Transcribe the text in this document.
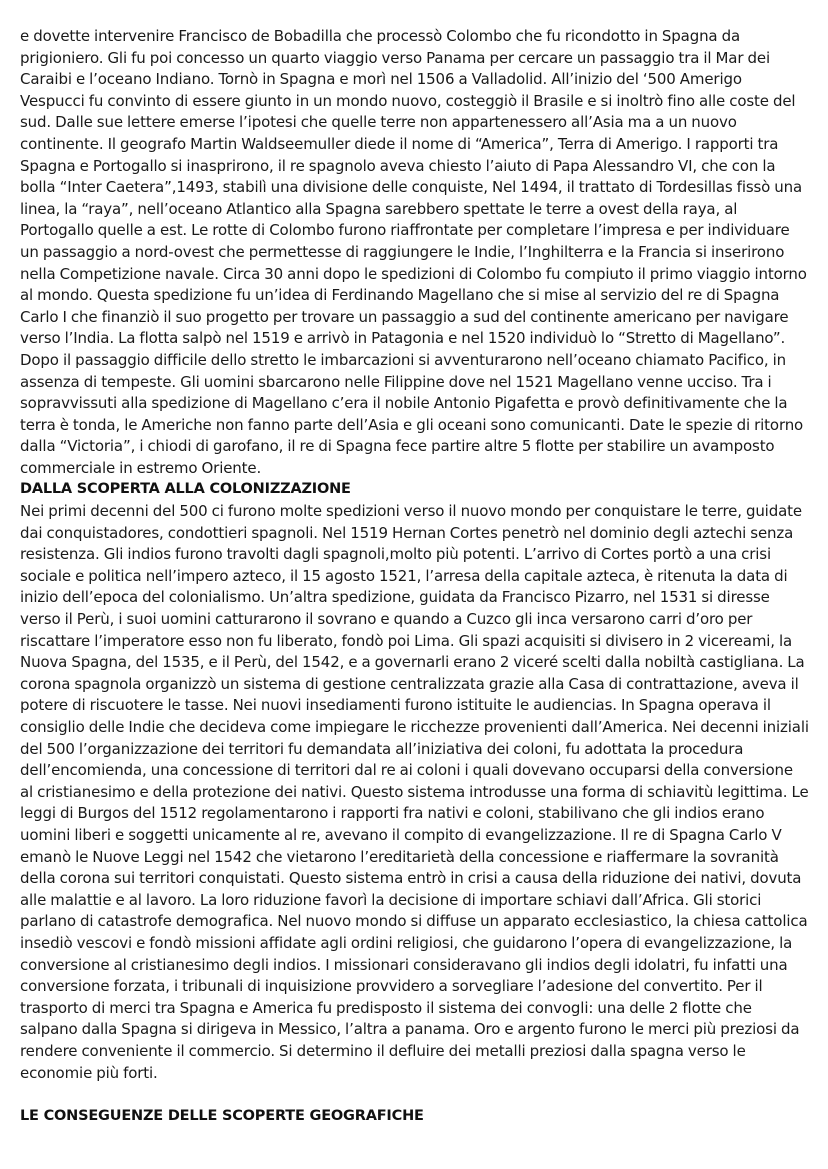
e dovette intervenire Francisco de Bobadilla che processò Colombo che fu ricondotto in Spagna da prigioniero. Gli fu poi concesso un quarto viaggio verso Panama per cercare un passaggio tra il Mar dei Caraibi e l’oceano Indiano. Tornò in Spagna e morì nel 1506 a Valladolid. All’inizio del ‘500 Amerigo Vespucci fu convinto di essere giunto in un mondo nuovo, costeggiò il Brasile e si inoltrò fino alle coste del sud. Dalle sue lettere emerse l’ipotesi che quelle terre non appartenessero all’Asia ma a un nuovo continente. Il geografo Martin Waldseemuller diede il nome di “America”, Terra di Amerigo. I rapporti tra Spagna e Portogallo si inasprirono, il re spagnolo aveva chiesto l’aiuto di Papa Alessandro VI, che con la bolla “Inter Caetera”,1493, stabilì una divisione delle conquiste, Nel 1494, il trattato di Tordesillas fissò una linea, la “raya”, nell’oceano Atlantico alla Spagna sarebbero spettate le terre a ovest della raya, al Portogallo quelle a est. Le rotte di Colombo furono riaffrontate per completare l’impresa e per individuare un passaggio a nord-ovest che permettesse di raggiungere le Indie, l’Inghilterra e la Francia si inserirono nella Competizione navale. Circa 30 anni dopo le spedizioni di Colombo fu compiuto il primo viaggio intorno al mondo. Questa spedizione fu un’idea di Ferdinando Magellano che si mise al servizio del re di Spagna Carlo I che finanziò il suo progetto per trovare un passaggio a sud del continente americano per navigare verso l’India. La flotta salpò nel 1519 e arrivò in Patagonia e nel 1520 individuò lo “Stretto di Magellano”. Dopo il passaggio difficile dello stretto le imbarcazioni si avventurarono nell’oceano chiamato Pacifico, in assenza di tempeste. Gli uomini sbarcarono nelle Filippine dove nel 1521 Magellano venne ucciso. Tra i sopravvissuti alla spedizione di Magellano c’era il nobile Antonio Pigafetta e provò definitivamente che la terra è tonda, le Americhe non fanno parte dell’Asia e gli oceani sono comunicanti. Date le spezie di ritorno dalla “Victoria”, i chiodi di garofano, il re di Spagna fece partire altre 5 flotte per stabilire un avamposto commerciale in estremo Oriente.

DALLA SCOPERTA ALLA COLONIZZAZIONE

Nei primi decenni del 500 ci furono molte spedizioni verso il nuovo mondo per conquistare le terre, guidate dai conquistadores, condottieri spagnoli. Nel 1519 Hernan Cortes penetrò nel dominio degli aztechi senza resistenza. Gli indios furono travolti dagli spagnoli,molto più potenti. L’arrivo di Cortes portò a una crisi sociale e politica nell’impero azteco, il 15 agosto 1521, l’arresa della capitale azteca, è ritenuta la data di inizio dell’epoca del colonialismo. Un’altra spedizione, guidata da Francisco Pizarro, nel 1531 si diresse verso il Perù, i suoi uomini catturarono il sovrano e quando a Cuzco gli inca versarono carri d’oro per riscattare l’imperatore esso non fu liberato, fondò poi Lima. Gli spazi acquisiti si divisero in 2 vicereami, la Nuova Spagna, del 1535, e il Perù, del 1542, e a governarli erano 2 viceré scelti dalla nobiltà castigliana. La corona spagnola organizzò un sistema di gestione centralizzata grazie alla Casa di contrattazione, aveva il potere di riscuotere le tasse. Nei nuovi insediamenti furono istituite le audiencias. In Spagna operava il consiglio delle Indie che decideva come impiegare le ricchezze provenienti dall’America. Nei decenni iniziali del 500 l’organizzazione dei territori fu demandata all’iniziativa dei coloni, fu adottata la procedura dell’encomienda, una concessione di territori dal re ai coloni i quali dovevano occuparsi della conversione al cristianesimo e della protezione dei nativi. Questo sistema introdusse una forma di schiavitù legittima. Le leggi di Burgos del 1512 regolamentarono i rapporti fra nativi e coloni, stabilivano che gli indios erano uomini liberi e soggetti unicamente al re, avevano il compito di evangelizzazione. Il re di Spagna Carlo V emanò le Nuove Leggi nel 1542 che vietarono l’ereditarietà della concessione e riaffermare la sovranità della corona sui territori conquistati. Questo sistema entrò in crisi a causa della riduzione dei nativi, dovuta alle malattie e al lavoro. La loro riduzione favorì la decisione di importare schiavi dall’Africa. Gli storici parlano di catastrofe demografica. Nel nuovo mondo si diffuse un apparato ecclesiastico, la chiesa cattolica insediò vescovi e fondò missioni affidate agli ordini religiosi, che guidarono l’opera di evangelizzazione, la conversione al cristianesimo degli indios. I missionari consideravano gli indios degli idolatri, fu infatti una conversione forzata, i tribunali di inquisizione provvidero a sorvegliare l’adesione del convertito. Per il trasporto di merci tra Spagna e America fu predisposto il sistema dei convogli: una delle 2 flotte che salpano dalla Spagna si dirigeva in Messico, l’altra a panama. Oro e argento furono le merci più preziosi da rendere conveniente il commercio. Si determino il defluire dei metalli preziosi dalla spagna verso le economie più forti.

LE CONSEGUENZE DELLE SCOPERTE GEOGRAFICHE
